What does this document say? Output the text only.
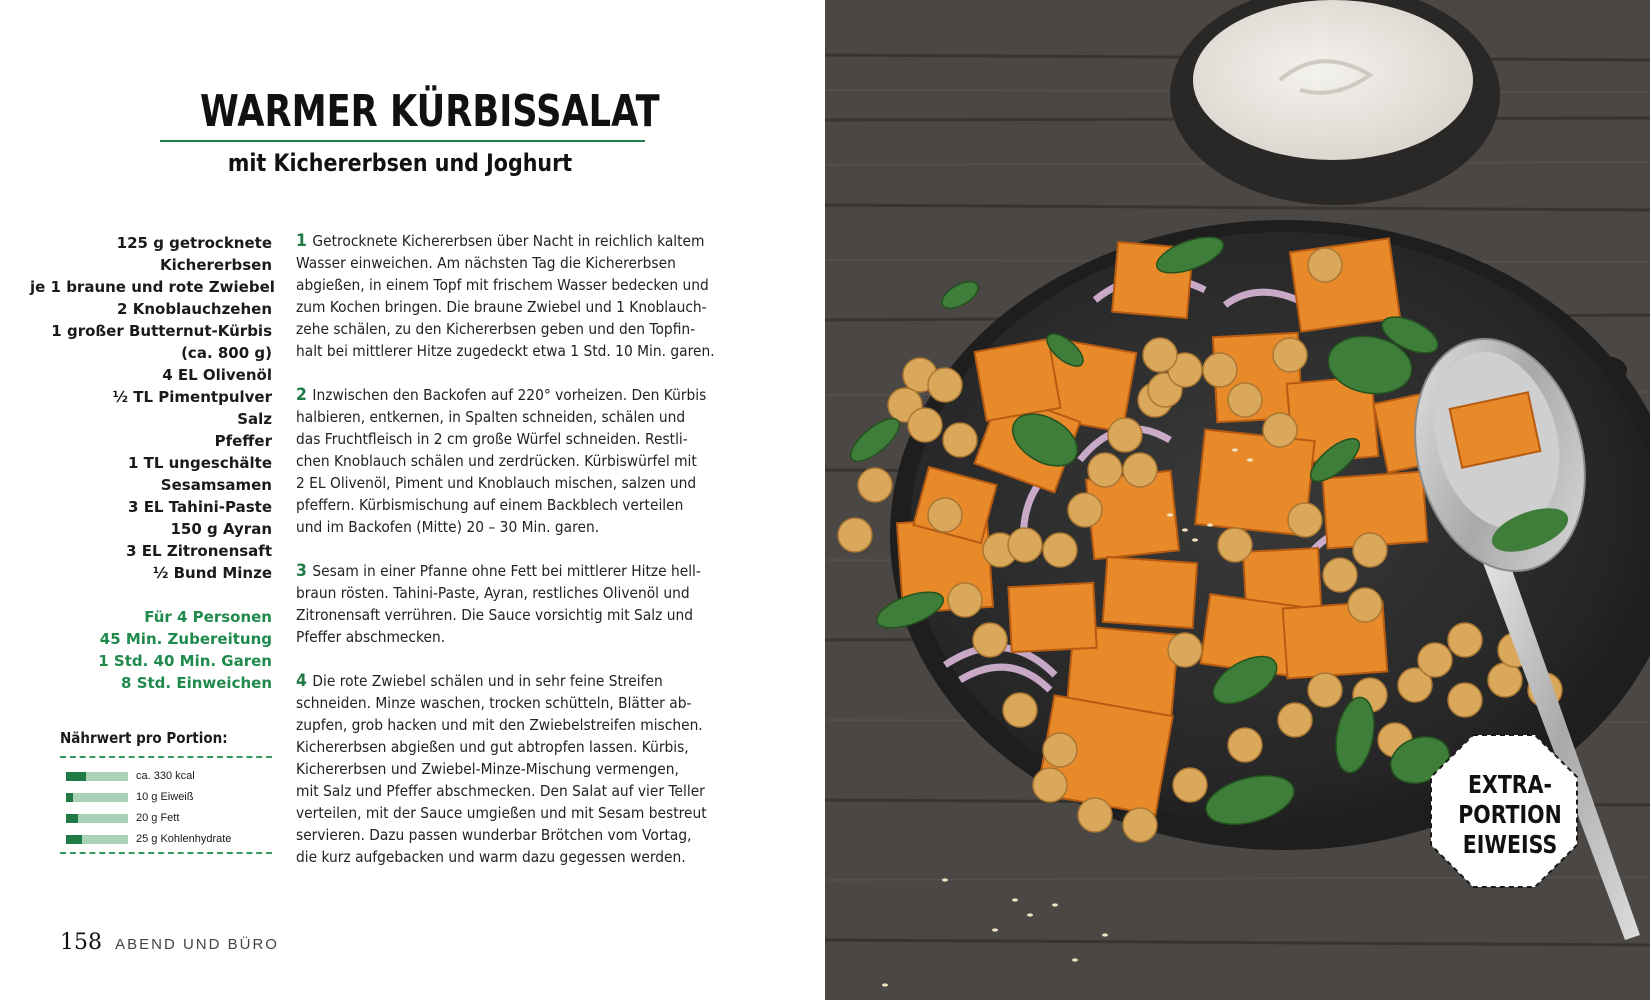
WARMER KÜRBISSALAT
mit Kichererbsen und Joghurt
125 g getrocknete
Kichererbsen
je 1 braune und rote Zwiebel
2 Knoblauchzehen
1 großer Butternut-Kürbis
(ca. 800 g)
4 EL Olivenöl
½ TL Pimentpulver
Salz
Pfeffer
1 TL ungeschälte
Sesamsamen
3 EL Tahini-Paste
150 g Ayran
3 EL Zitronensaft
½ Bund Minze
Für 4 Personen
45 Min. Zubereitung
1 Std. 40 Min. Garen
8 Std. Einweichen
Nährwert pro Portion:
ca. 330 kcal
10 g Eiweiß
20 g Fett
25 g Kohlenhydrate
1 Getrocknete Kichererbsen über Nacht in reichlich kaltem
Wasser einweichen. Am nächsten Tag die Kichererbsen
abgießen, in einem Topf mit frischem Wasser bedecken und
zum Kochen bringen. Die braune Zwiebel und 1 Knoblauch-
zehe schälen, zu den Kichererbsen geben und den Topfin-
halt bei mittlerer Hitze zugedeckt etwa 1 Std. 10 Min. garen.
2 Inzwischen den Backofen auf 220° vorheizen. Den Kürbis
halbieren, entkernen, in Spalten schneiden, schälen und
das Fruchtfleisch in 2 cm große Würfel schneiden. Restli-
chen Knoblauch schälen und zerdrücken. Kürbiswürfel mit
2 EL Olivenöl, Piment und Knoblauch mischen, salzen und
pfeffern. Kürbismischung auf einem Backblech verteilen
und im Backofen (Mitte) 20 – 30 Min. garen.
3 Sesam in einer Pfanne ohne Fett bei mittlerer Hitze hell-
braun rösten. Tahini-Paste, Ayran, restliches Olivenöl und
Zitronensaft verrühren. Die Sauce vorsichtig mit Salz und
Pfeffer abschmecken.
4 Die rote Zwiebel schälen und in sehr feine Streifen
schneiden. Minze waschen, trocken schütteln, Blätter ab-
zupfen, grob hacken und mit den Zwiebelstreifen mischen.
Kichererbsen abgießen und gut abtropfen lassen. Kürbis,
Kichererbsen und Zwiebel-Minze-Mischung vermengen,
mit Salz und Pfeffer abschmecken. Den Salat auf vier Teller
verteilen, mit der Sauce umgießen und mit Sesam bestreut
servieren. Dazu passen wunderbar Brötchen vom Vortag,
die kurz aufgebacken und warm dazu gegessen werden.
158 ABEND UND BÜRO
EXTRA-
PORTION
EIWEISS
